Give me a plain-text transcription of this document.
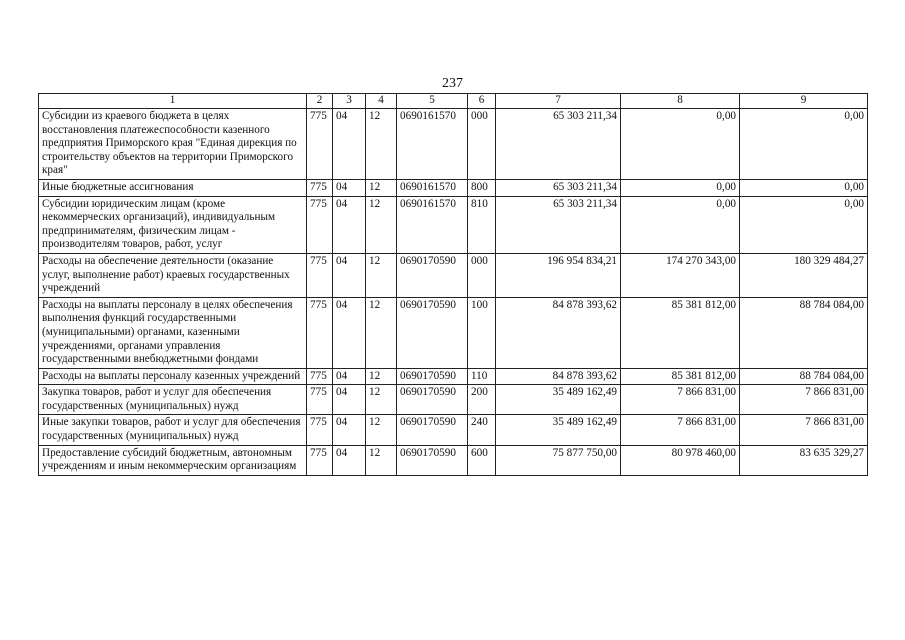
237
1	2	3	4	5	6	7	8	9
Субсидии из краевого бюджета в целях восстановления платежеспособности казенного предприятия Приморского края "Единая дирекция по строительству объектов на территории Приморского края"	775	04	12	0690161570	000	65 303 211,34	0,00	0,00
Иные бюджетные ассигнования	775	04	12	0690161570	800	65 303 211,34	0,00	0,00
Субсидии юридическим лицам (кроме некоммерческих организаций), индивидуальным предпринимателям, физическим лицам - производителям товаров, работ, услуг	775	04	12	0690161570	810	65 303 211,34	0,00	0,00
Расходы на обеспечение деятельности (оказание услуг, выполнение работ) краевых государственных учреждений	775	04	12	0690170590	000	196 954 834,21	174 270 343,00	180 329 484,27
Расходы на выплаты персоналу в целях обеспечения выполнения функций государственными (муниципальными) органами, казенными учреждениями, органами управления государственными внебюджетными фондами	775	04	12	0690170590	100	84 878 393,62	85 381 812,00	88 784 084,00
Расходы на выплаты персоналу казенных учреждений	775	04	12	0690170590	110	84 878 393,62	85 381 812,00	88 784 084,00
Закупка товаров, работ и услуг для обеспечения государственных (муниципальных) нужд	775	04	12	0690170590	200	35 489 162,49	7 866 831,00	7 866 831,00
Иные закупки товаров, работ и услуг для обеспечения государственных (муниципальных) нужд	775	04	12	0690170590	240	35 489 162,49	7 866 831,00	7 866 831,00
Предоставление субсидий бюджетным, автономным учреждениям и иным некоммерческим организациям	775	04	12	0690170590	600	75 877 750,00	80 978 460,00	83 635 329,27
